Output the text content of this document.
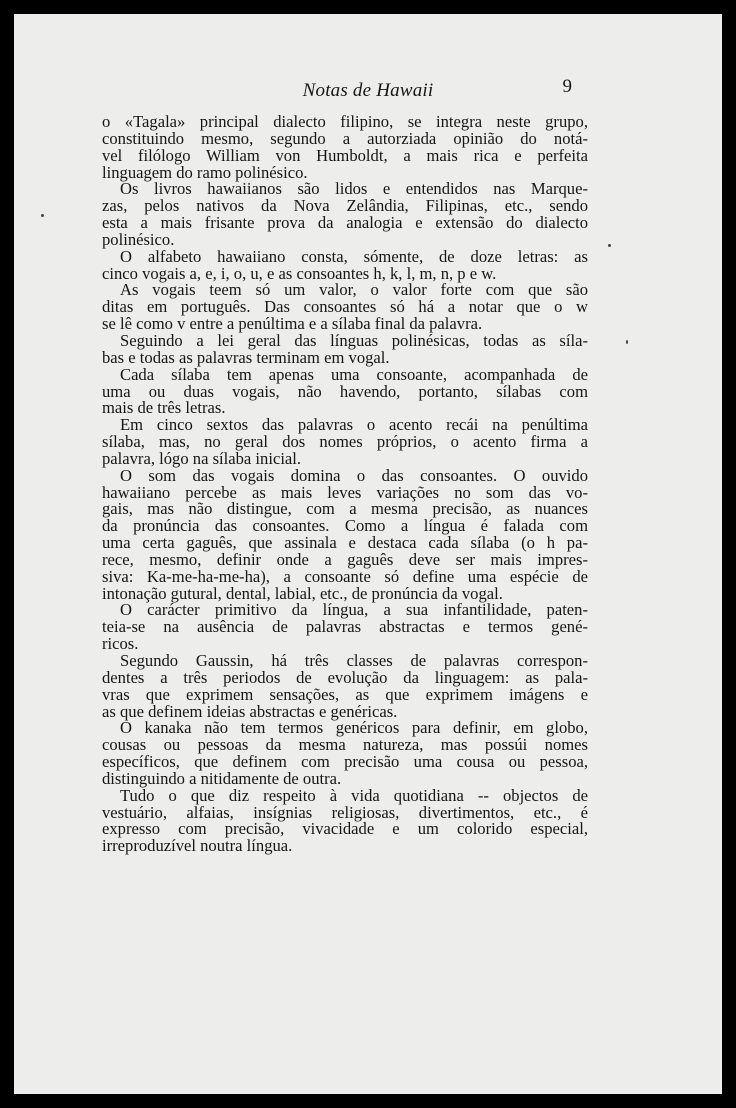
Notas de Hawaii	9
o «Tagala» principal dialecto filipino, se integra neste grupo,
constituindo mesmo, segundo a autorziada opinião do notá-
vel filólogo William von Humboldt, a mais rica e perfeita
linguagem do ramo polinésico.
Os livros hawaiianos são lidos e entendidos nas Marque-
zas, pelos nativos da Nova Zelândia, Filipinas, etc., sendo
esta a mais frisante prova da analogia e extensão do dialecto
polinésico.
O alfabeto hawaiiano consta, sómente, de doze letras: as
cinco vogais a, e, i, o, u, e as consoantes h, k, l, m, n, p e w.
As vogais teem só um valor, o valor forte com que são
ditas em português. Das consoantes só há a notar que o w
se lê como v entre a penúltima e a sílaba final da palavra.
Seguindo a lei geral das línguas polinésicas, todas as síla-
bas e todas as palavras terminam em vogal.
Cada sílaba tem apenas uma consoante, acompanhada de
uma ou duas vogais, não havendo, portanto, sílabas com
mais de três letras.
Em cinco sextos das palavras o acento recái na penúltima
sílaba, mas, no geral dos nomes próprios, o acento firma a
palavra, lógo na sílaba inicial.
O som das vogais domina o das consoantes. O ouvido
hawaiiano percebe as mais leves variações no som das vo-
gais, mas não distingue, com a mesma precisão, as nuances
da pronúncia das consoantes. Como a língua é falada com
uma certa gaguês, que assinala e destaca cada sílaba (o h pa-
rece, mesmo, definir onde a gaguês deve ser mais impres-
siva: Ka-me-ha-me-ha), a consoante só define uma espécie de
intonação gutural, dental, labial, etc., de pronúncia da vogal.
O carácter primitivo da língua, a sua infantilidade, paten-
teia-se na ausência de palavras abstractas e termos gené-
ricos.
Segundo Gaussin, há três classes de palavras correspon-
dentes a três periodos de evolução da linguagem: as pala-
vras que exprimem sensações, as que exprimem imágens e
as que definem ideias abstractas e genéricas.
O kanaka não tem termos genéricos para definir, em globo,
cousas ou pessoas da mesma natureza, mas possúi nomes
específicos, que definem com precisão uma cousa ou pessoa,
distinguindo a nitidamente de outra.
Tudo o que diz respeito à vida quotidiana -- objectos de
vestuário, alfaias, insígnias religiosas, divertimentos, etc., é
expresso com precisão, vivacidade e um colorido especial,
irreproduzível noutra língua.
